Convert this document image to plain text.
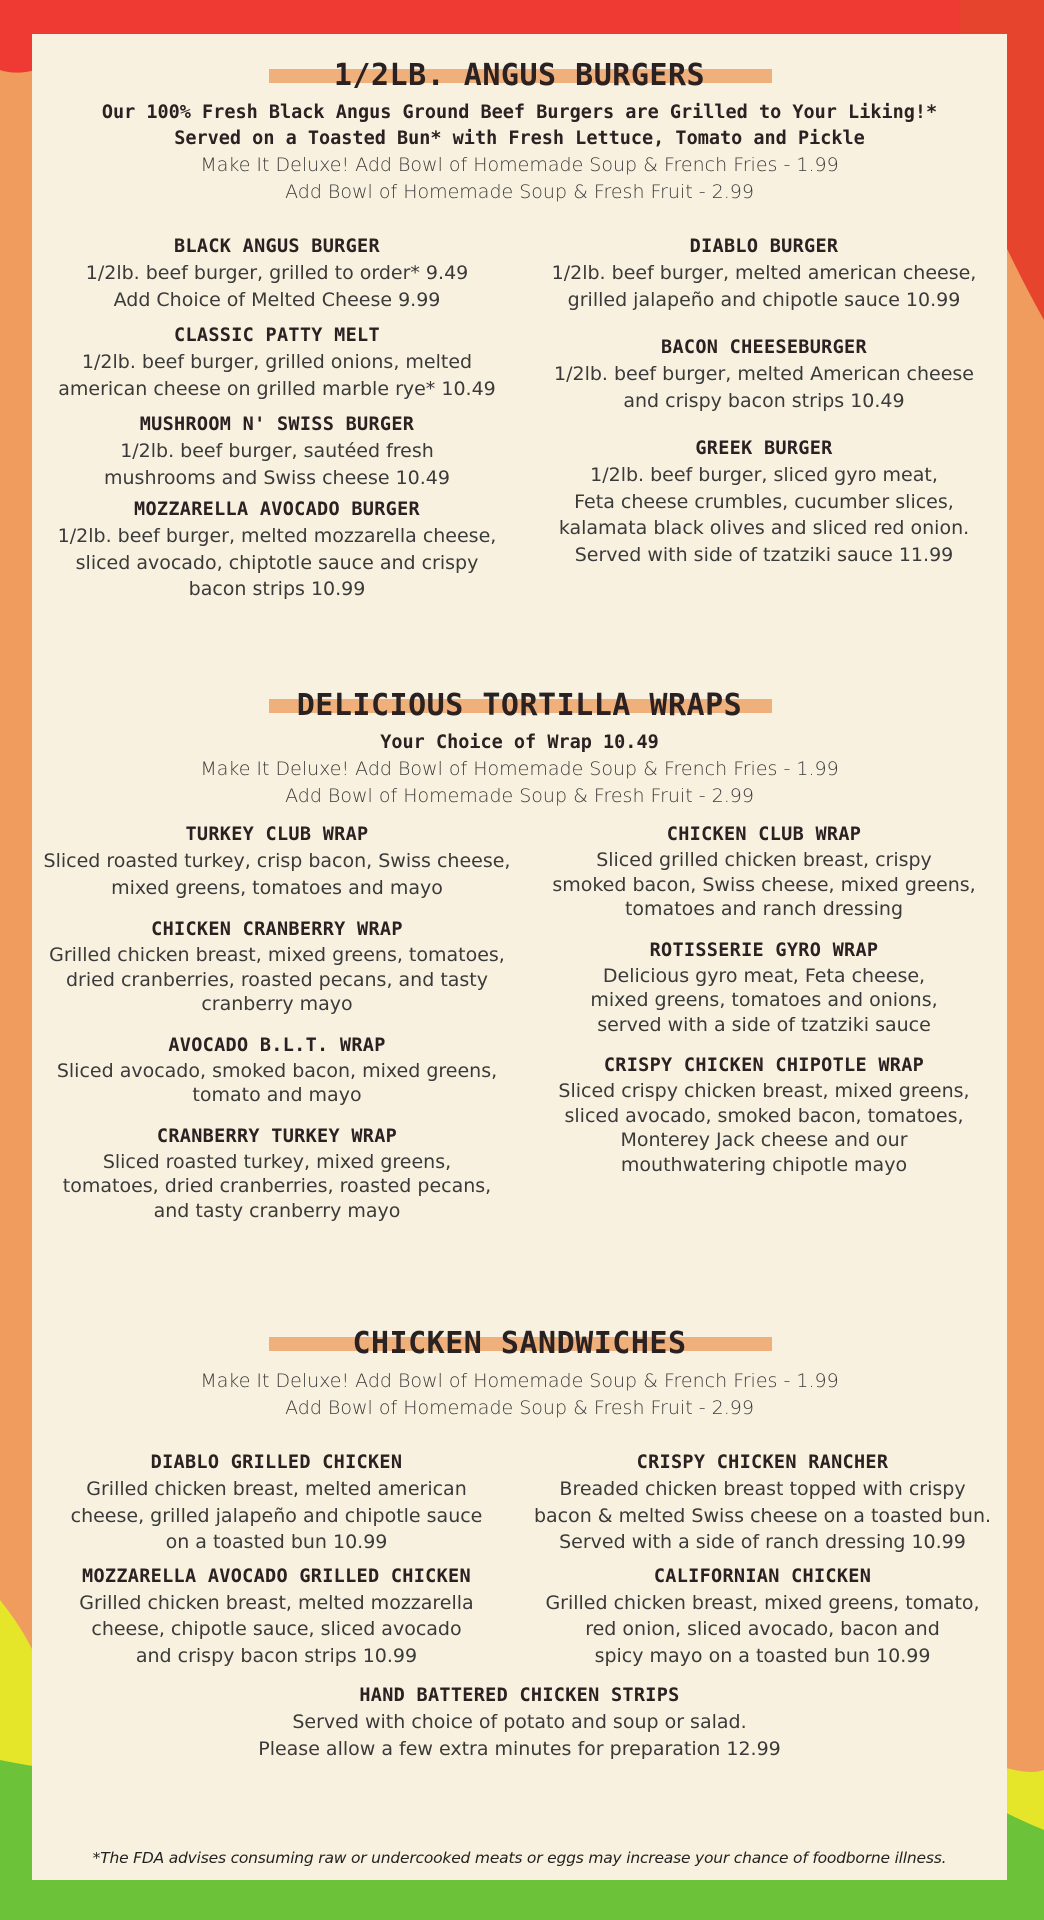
1/2LB. ANGUS BURGERS
Our 100% Fresh Black Angus Ground Beef Burgers are Grilled to Your Liking!*
Served on a Toasted Bun* with Fresh Lettuce, Tomato and Pickle
Make It Deluxe! Add Bowl of Homemade Soup & French Fries - 1.99
Add Bowl of Homemade Soup & Fresh Fruit - 2.99
BLACK ANGUS BURGER
1/2lb. beef burger, grilled to order* 9.49
Add Choice of Melted Cheese 9.99
CLASSIC PATTY MELT
1/2lb. beef burger, grilled onions, melted
american cheese on grilled marble rye* 10.49
MUSHROOM N' SWISS BURGER
1/2lb. beef burger, sautéed fresh
mushrooms and Swiss cheese 10.49
MOZZARELLA AVOCADO BURGER
1/2lb. beef burger, melted mozzarella cheese,
sliced avocado, chiptotle sauce and crispy
bacon strips 10.99
DIABLO BURGER
1/2lb. beef burger, melted american cheese,
grilled jalapeño and chipotle sauce 10.99
BACON CHEESEBURGER
1/2lb. beef burger, melted American cheese
and crispy bacon strips 10.49
GREEK BURGER
1/2lb. beef burger, sliced gyro meat,
Feta cheese crumbles, cucumber slices,
kalamata black olives and sliced red onion.
Served with side of tzatziki sauce 11.99
DELICIOUS TORTILLA WRAPS
Your Choice of Wrap 10.49
Make It Deluxe! Add Bowl of Homemade Soup & French Fries - 1.99
Add Bowl of Homemade Soup & Fresh Fruit - 2.99
TURKEY CLUB WRAP
Sliced roasted turkey, crisp bacon, Swiss cheese,
mixed greens, tomatoes and mayo
CHICKEN CRANBERRY WRAP
Grilled chicken breast, mixed greens, tomatoes,
dried cranberries, roasted pecans, and tasty
cranberry mayo
AVOCADO B.L.T. WRAP
Sliced avocado, smoked bacon, mixed greens,
tomato and mayo
CRANBERRY TURKEY WRAP
Sliced roasted turkey, mixed greens,
tomatoes, dried cranberries, roasted pecans,
and tasty cranberry mayo
CHICKEN CLUB WRAP
Sliced grilled chicken breast, crispy
smoked bacon, Swiss cheese, mixed greens,
tomatoes and ranch dressing
ROTISSERIE GYRO WRAP
Delicious gyro meat, Feta cheese,
mixed greens, tomatoes and onions,
served with a side of tzatziki sauce
CRISPY CHICKEN CHIPOTLE WRAP
Sliced crispy chicken breast, mixed greens,
sliced avocado, smoked bacon, tomatoes,
Monterey Jack cheese and our
mouthwatering chipotle mayo
CHICKEN SANDWICHES
Make It Deluxe! Add Bowl of Homemade Soup & French Fries - 1.99
Add Bowl of Homemade Soup & Fresh Fruit - 2.99
DIABLO GRILLED CHICKEN
Grilled chicken breast, melted american
cheese, grilled jalapeño and chipotle sauce
on a toasted bun 10.99
MOZZARELLA AVOCADO GRILLED CHICKEN
Grilled chicken breast, melted mozzarella
cheese, chipotle sauce, sliced avocado
and crispy bacon strips 10.99
CRISPY CHICKEN RANCHER
Breaded chicken breast topped with crispy
bacon & melted Swiss cheese on a toasted bun.
Served with a side of ranch dressing 10.99
CALIFORNIAN CHICKEN
Grilled chicken breast, mixed greens, tomato,
red onion, sliced avocado, bacon and
spicy mayo on a toasted bun 10.99
HAND BATTERED CHICKEN STRIPS
Served with choice of potato and soup or salad.
Please allow a few extra minutes for preparation 12.99
*The FDA advises consuming raw or undercooked meats or eggs may increase your chance of foodborne illness.
